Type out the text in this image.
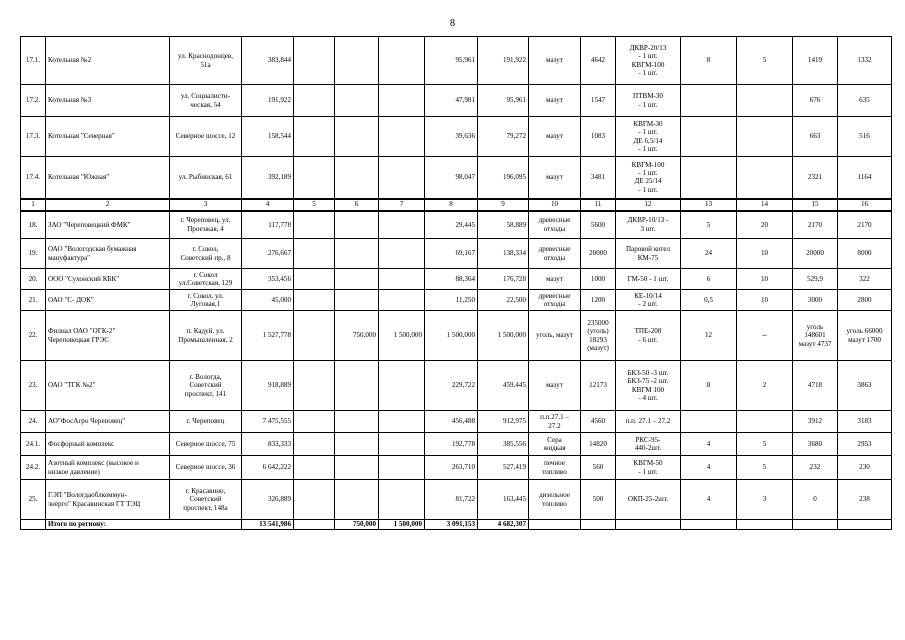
8
17.1.	Котельная №2	ул. Краснодонцев,
51а	383,844				95,961	191,922	мазут	4642	ДКВР-20/13
- 1 шт.
КВГМ-100
- 1 шт.	8	5	1419	1332

17.2.	Котельная №3	ул. Социалисти-
ческая, 54	191,922				47,981	95,961	мазут	1547	ПТВМ-30
- 1 шт.			676	635

17.3.	Котельная "Северная"	Северное шоссе, 12	158,544				39,636	79,272	мазут	1083	КВГМ-30
- 1 шт.
ДЕ 6,5/14
- 1 шт.			663	516

17.4.	Котельная "Южная"	ул. Рыбинская, 61	392,189				98,047	196,095	мазут	3481	КВГМ-100
- 1 шт.
ДЕ 25/14
- 1 шт.			2321	1164

1	2	3	4	5	6	7	8	9	10	11	12	13	14	15	16
18.	ЗАО "Череповецкий ФМК"	г. Череповец, ул.
Проезжая, 4	117,778				29,445	58,889	древесные
отходы	5600	ДКВР-10/13 -
3 шт.	5	20	2170	2170

19.	ОАО "Вологодская бумажная
мануфактура"	г. Сокол,
Советский пр., 8	276,667				69,167	138,334	древесные
отходы	20000	Паровой котел
КМ-75	24	10	20000	8000

20.	ООО "Сухонский КБК"	г. Сокол
ул.Советская, 129	353,456				88,364	176,728	мазут	1000	ГМ-50 - 1 шт.	6	10	529,9	322

21.	ОАО "С- ДОК"	г. Сокол, ул.
Луговая,1	45,000				11,250	22,500	древесные
отходы	1200	КЕ-10/14
- 2 шт.	0,5	10	3000	2800

22.	Филиал ОАО "ОГК-2"
Череповецкая ГРЭС	п. Кадуй, ул.
Промышленная, 2	1 527,778		750,000	1 500,000	1 500,000	1 500,000	уголь, мазут	235000 (уголь) 18293 (мазут)	ТПЕ-208
- 6 шт.	12	--	уголь
148601
мазут 4737	уголь 66000
мазут 1700

23.	ОАО "ТГК №2"	г. Вологда,
Советский
проспект, 141	918,889				229,722	459,445	мазут	12173	БКЗ-50 -3 шт.
БКЗ-75 -2 шт.
КВГМ 100
- 4 шт.	8	2	4718	3863

24.	АО"ФосАгро Череповец"	г. Череповец	7 475,555				456,488	912,975	п.п.27.1 –
27.2	4560	п.п. 27.1 – 27.2			3912	3183

24.1.	Фосфорный комплекс	Северное шоссе, 75	833,333				192,778	385,556	Сера
жидкая	14820	РКС-95-
440-2шт.	4	5	3680	2953

24.2.	Азотный комплекс (высокое и
низкое давление)	Северное шоссе, 36	6 642,222				263,710	527,419	печное
топливо	560	КВГМ-50
- 1 шт.	4	5	232	230

25.	ГЭП "Вологдаоблкоммун-
энерго" Красавинская ГТ ТЭЦ	г. Красавино,
Советский
проспект, 148а	326,889				81,722	163,445	дизельное
топливо	500	ОКП-25-2шт.	4	3	0	238

	Итого по региону:		13 541,986		750,000	1 500,000	3 091,153	4 682,307							
